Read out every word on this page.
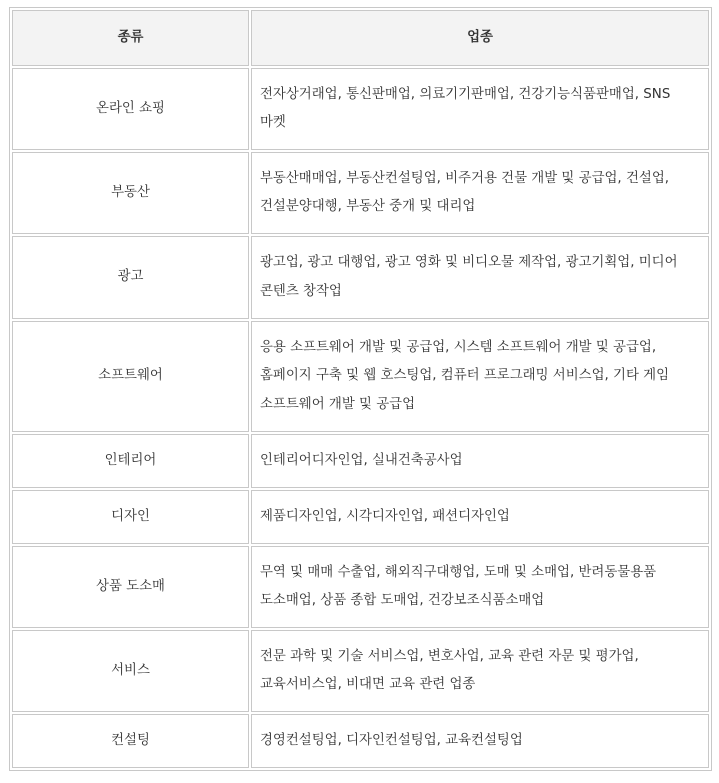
종류	업종
온라인 쇼핑	전자상거래업, 통신판매업, 의료기기판매업, 건강기능식품판매업, SNS 마켓
부동산	부동산매매업, 부동산컨설팅업, 비주거용 건물 개발 및 공급업, 건설업, 건설분양대행, 부동산 중개 및 대리업
광고	광고업, 광고 대행업, 광고 영화 및 비디오물 제작업, 광고기획업, 미디어 콘텐츠 창작업
소프트웨어	응용 소프트웨어 개발 및 공급업, 시스템 소프트웨어 개발 및 공급업, 홈페이지 구축 및 웹 호스팅업, 컴퓨터 프로그래밍 서비스업, 기타 게임 소프트웨어 개발 및 공급업
인테리어	인테리어디자인업, 실내건축공사업
디자인	제품디자인업, 시각디자인업, 패션디자인업
상품 도소매	무역 및 매매 수출업, 해외직구대행업, 도매 및 소매업, 반려동물용품 도소매업, 상품 종합 도매업, 건강보조식품소매업
서비스	전문 과학 및 기술 서비스업, 변호사업, 교육 관련 자문 및 평가업, 교육서비스업, 비대면 교육 관련 업종
컨설팅	경영컨설팅업, 디자인컨설팅업, 교육컨설팅업
